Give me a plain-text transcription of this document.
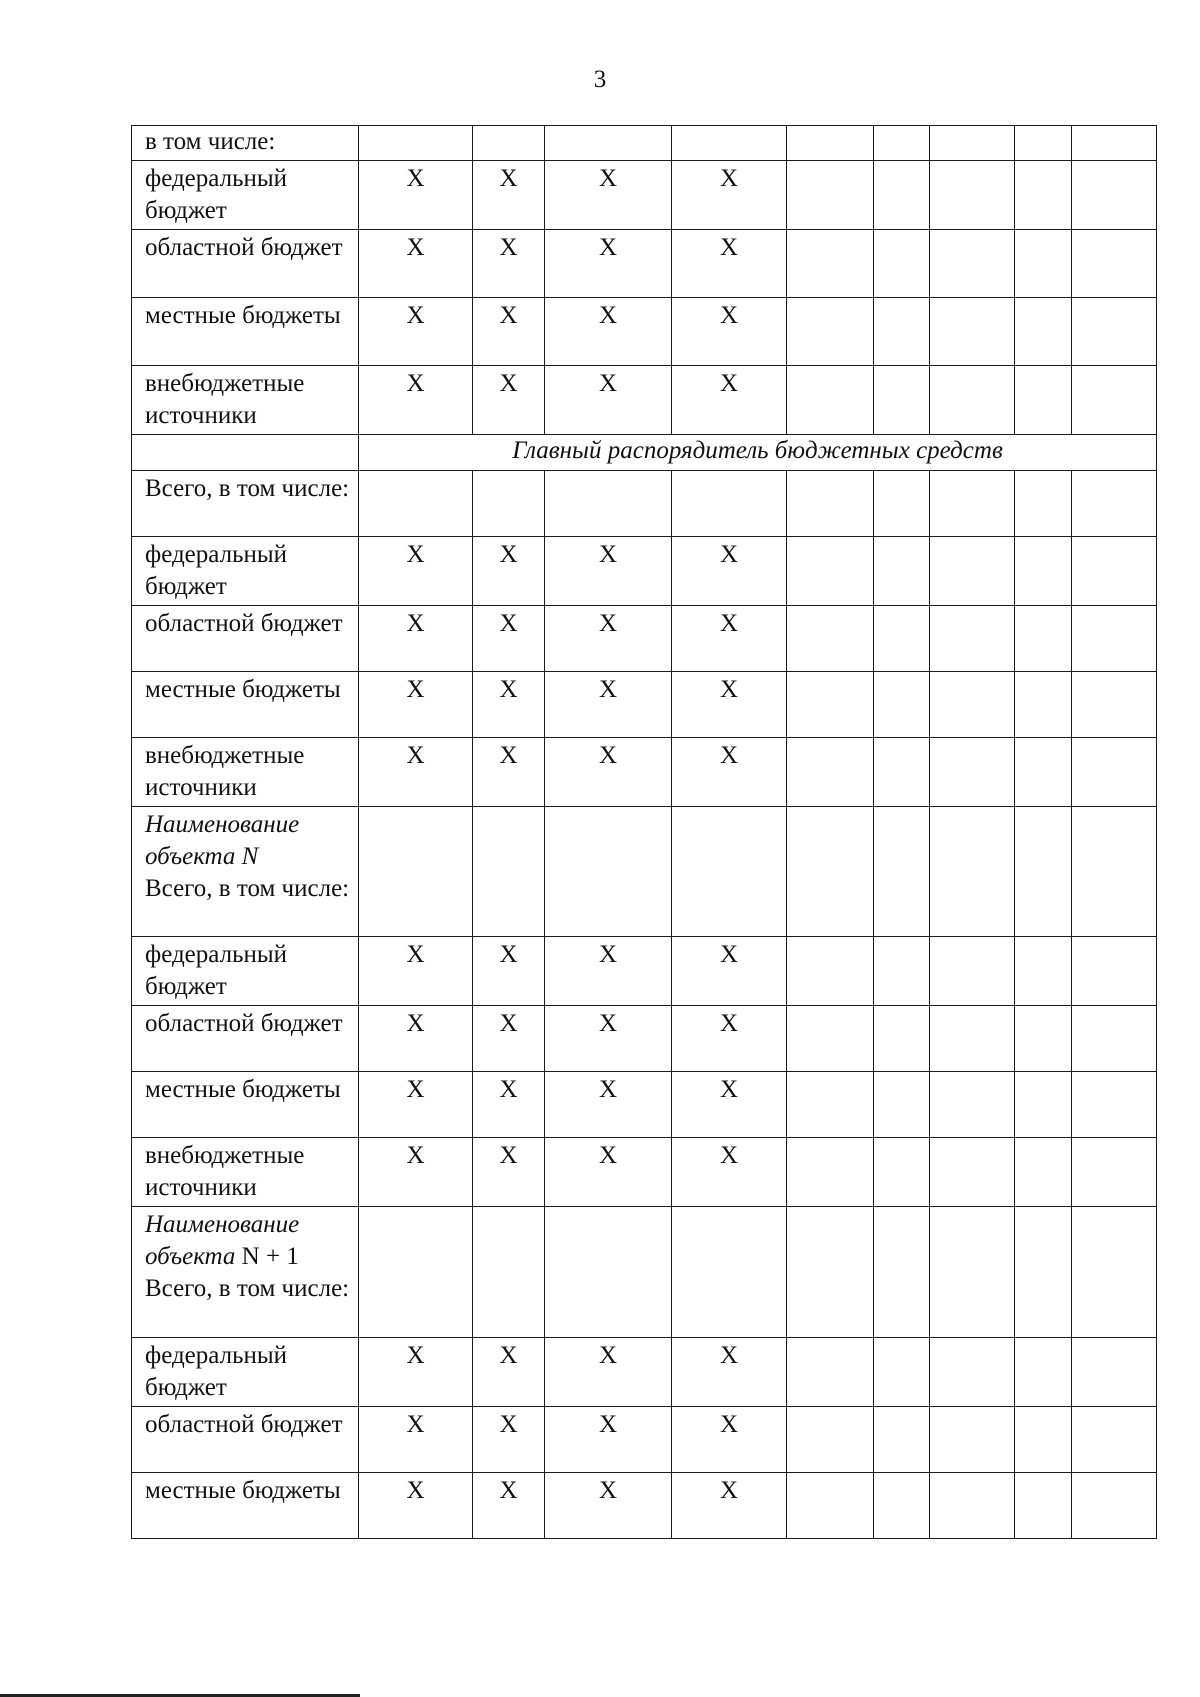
3
в том числе:									
федеральный бюджет	X	X	X	X					
областной бюджет	X	X	X	X					
местные бюджеты	X	X	X	X					
внебюджетные источники	X	X	X	X					
	Главный распорядитель бюджетных средств								
Всего, в том числе:									
федеральный бюджет	X	X	X	X					
областной бюджет	X	X	X	X					
местные бюджеты	X	X	X	X					
внебюджетные источники	X	X	X	X					
Наименование объекта N
Всего, в том числе:									
федеральный бюджет	X	X	X	X					
областной бюджет	X	X	X	X					
местные бюджеты	X	X	X	X					
внебюджетные источники	X	X	X	X					
Наименование объекта N + 1
Всего, в том числе:									
федеральный бюджет	X	X	X	X					
областной бюджет	X	X	X	X					
местные бюджеты	X	X	X	X					
